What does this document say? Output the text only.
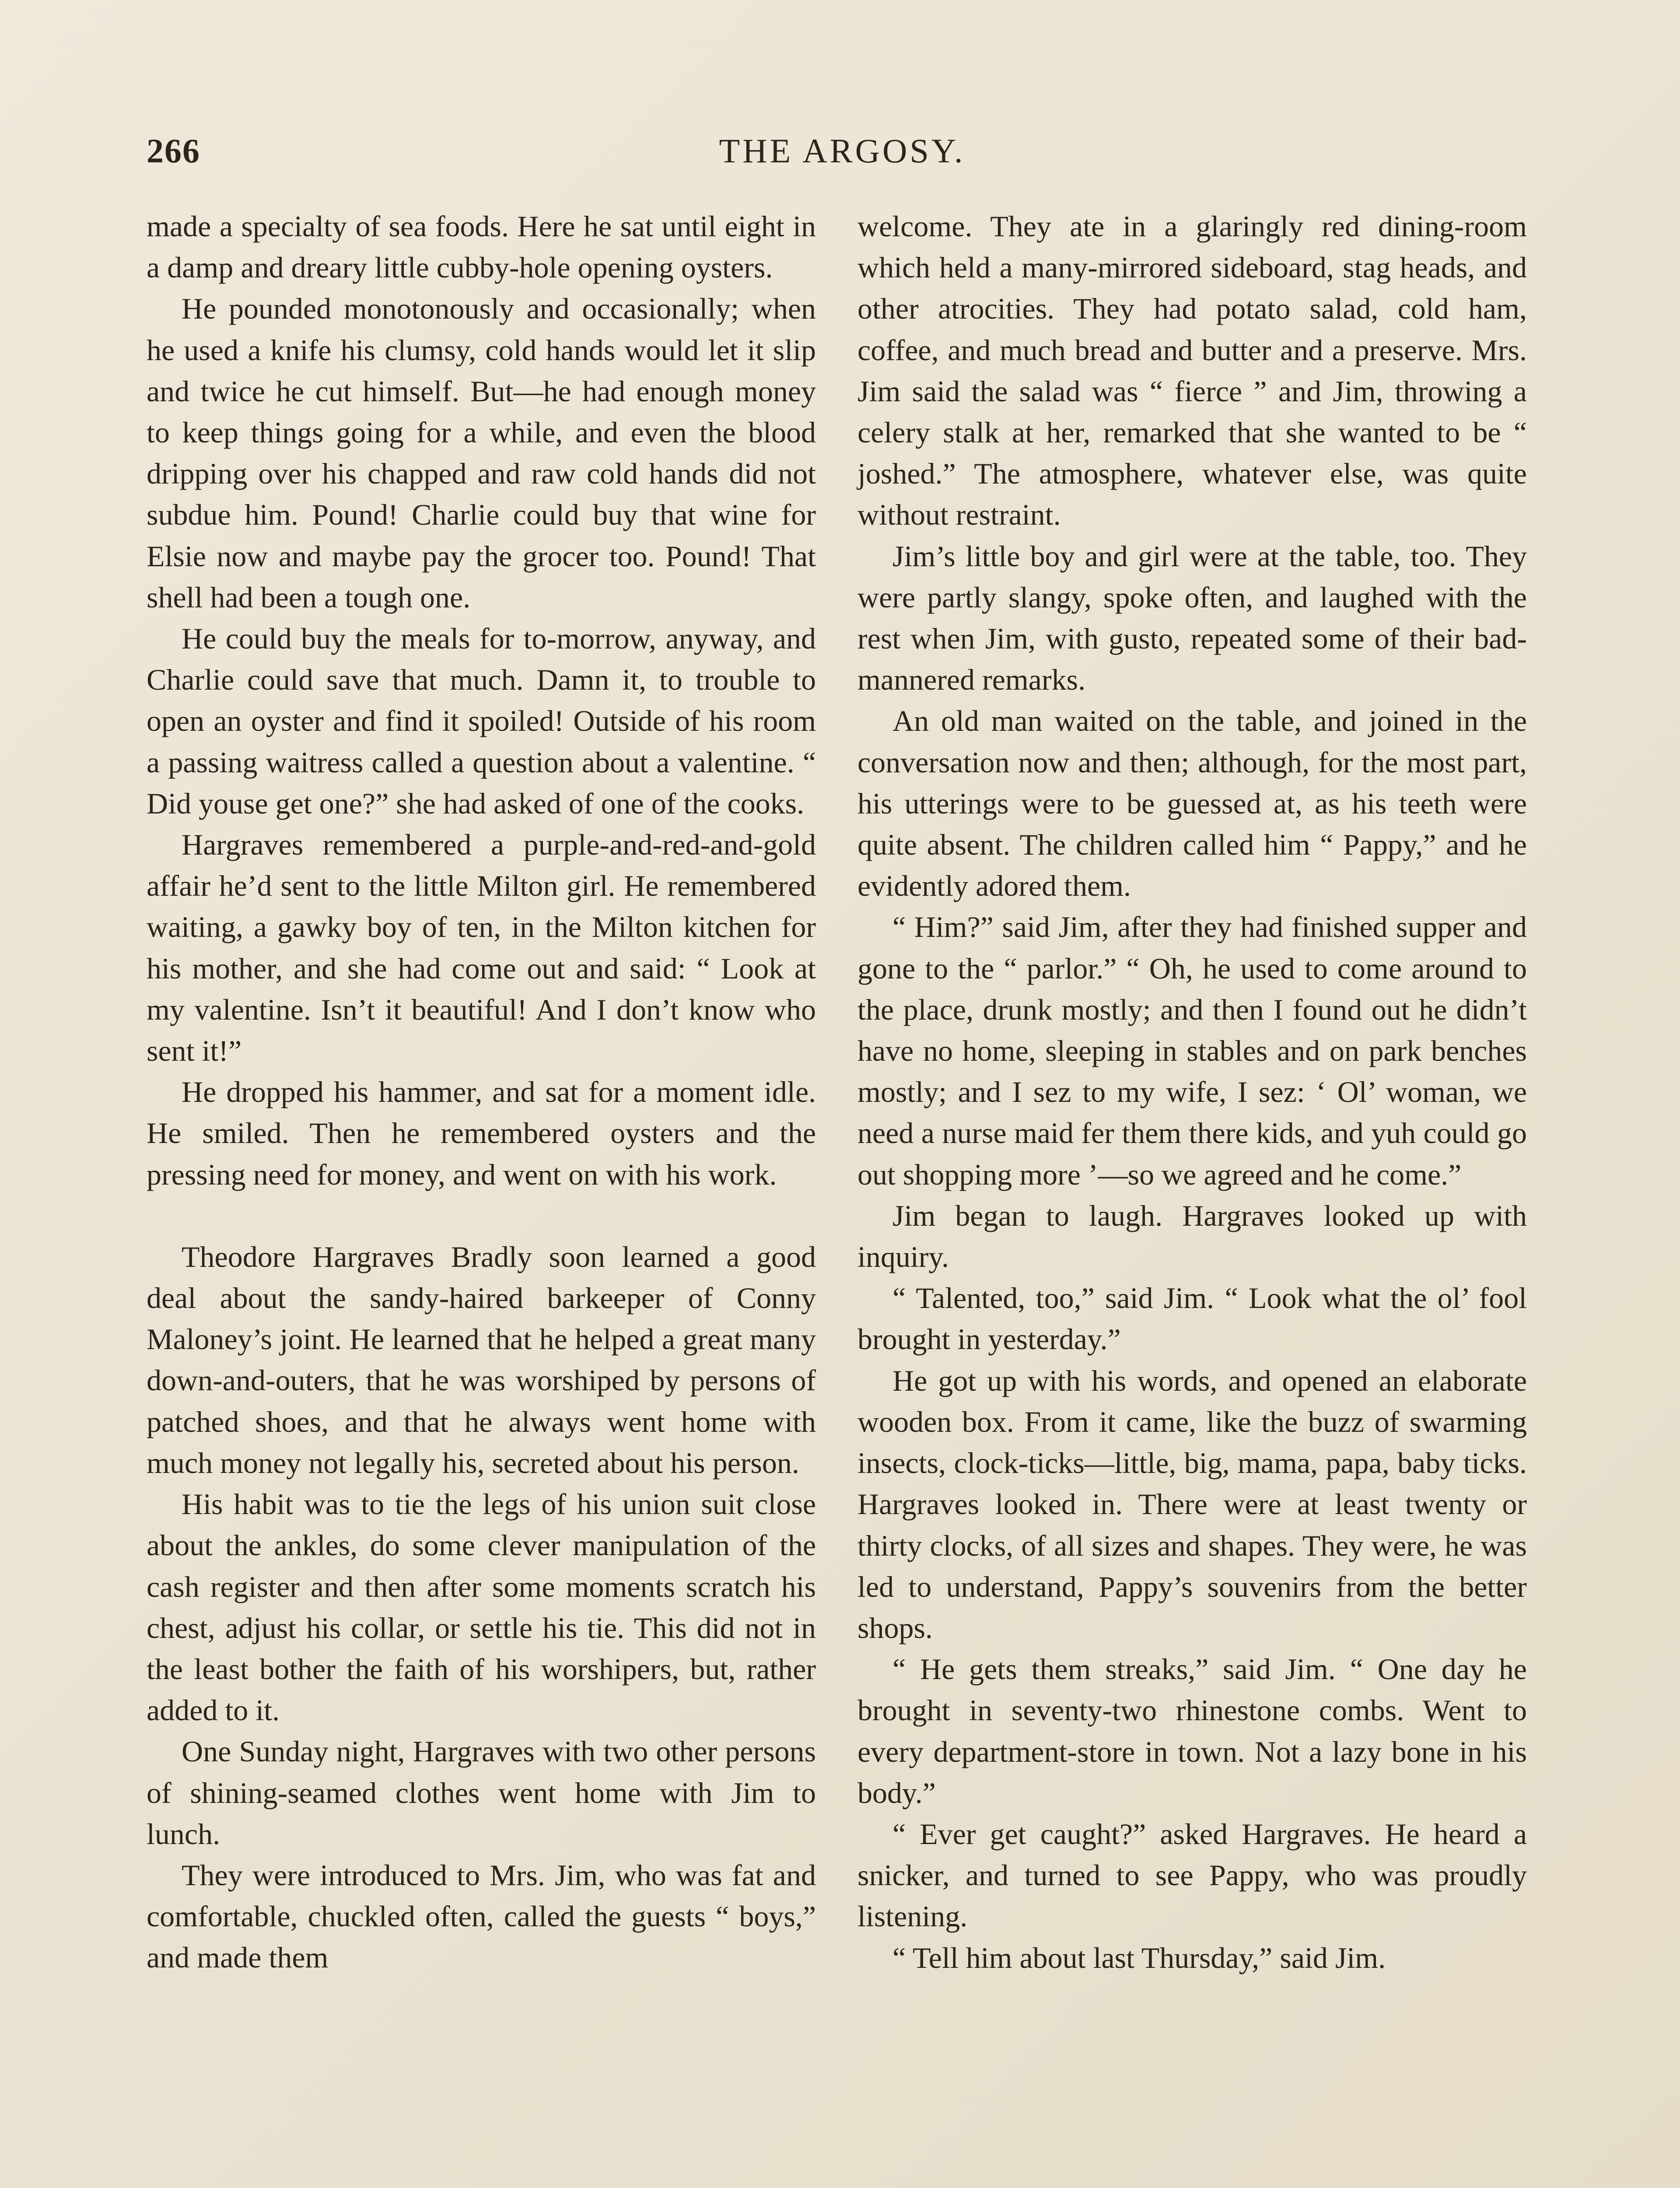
266	THE ARGOSY.

made a specialty of sea foods. Here he sat until eight in a damp and dreary little cubby-hole opening oysters.

He pounded monotonously and occasionally; when he used a knife his clumsy, cold hands would let it slip and twice he cut himself. But—he had enough money to keep things going for a while, and even the blood dripping over his chapped and raw cold hands did not subdue him. Pound! Charlie could buy that wine for Elsie now and maybe pay the grocer too. Pound! That shell had been a tough one.

He could buy the meals for to-morrow, anyway, and Charlie could save that much. Damn it, to trouble to open an oyster and find it spoiled! Outside of his room a passing waitress called a question about a valentine. “ Did youse get one?” she had asked of one of the cooks.

Hargraves remembered a purple-and-red-and-gold affair he’d sent to the little Milton girl. He remembered waiting, a gawky boy of ten, in the Milton kitchen for his mother, and she had come out and said: “ Look at my valentine. Isn’t it beautiful! And I don’t know who sent it!”

He dropped his hammer, and sat for a moment idle. He smiled. Then he remembered oysters and the pressing need for money, and went on with his work.

Theodore Hargraves Bradly soon learned a good deal about the sandy-haired barkeeper of Conny Maloney’s joint. He learned that he helped a great many down-and-outers, that he was worshiped by persons of patched shoes, and that he always went home with much money not legally his, secreted about his person.

His habit was to tie the legs of his union suit close about the ankles, do some clever manipulation of the cash register and then after some moments scratch his chest, adjust his collar, or settle his tie. This did not in the least bother the faith of his worshipers, but, rather added to it.

One Sunday night, Hargraves with two other persons of shining-seamed clothes went home with Jim to lunch.

They were introduced to Mrs. Jim, who was fat and comfortable, chuckled often, called the guests “ boys,” and made them

welcome. They ate in a glaringly red dining-room which held a many-mirrored sideboard, stag heads, and other atrocities. They had potato salad, cold ham, coffee, and much bread and butter and a preserve. Mrs. Jim said the salad was “ fierce ” and Jim, throwing a celery stalk at her, remarked that she wanted to be “ joshed.” The atmosphere, whatever else, was quite without restraint.

Jim’s little boy and girl were at the table, too. They were partly slangy, spoke often, and laughed with the rest when Jim, with gusto, repeated some of their bad-mannered remarks.

An old man waited on the table, and joined in the conversation now and then; although, for the most part, his utterings were to be guessed at, as his teeth were quite absent. The children called him “ Pappy,” and he evidently adored them.

“ Him?” said Jim, after they had finished supper and gone to the “ parlor.” “ Oh, he used to come around to the place, drunk mostly; and then I found out he didn’t have no home, sleeping in stables and on park benches mostly; and I sez to my wife, I sez: ‘ Ol’ woman, we need a nurse maid fer them there kids, and yuh could go out shopping more ’—so we agreed and he come.”

Jim began to laugh. Hargraves looked up with inquiry.

“ Talented, too,” said Jim. “ Look what the ol’ fool brought in yesterday.”

He got up with his words, and opened an elaborate wooden box. From it came, like the buzz of swarming insects, clock-ticks—little, big, mama, papa, baby ticks. Hargraves looked in. There were at least twenty or thirty clocks, of all sizes and shapes. They were, he was led to understand, Pappy’s souvenirs from the better shops.

“ He gets them streaks,” said Jim. “ One day he brought in seventy-two rhinestone combs. Went to every department-store in town. Not a lazy bone in his body.”

“ Ever get caught?” asked Hargraves. He heard a snicker, and turned to see Pappy, who was proudly listening.

“ Tell him about last Thursday,” said Jim.
